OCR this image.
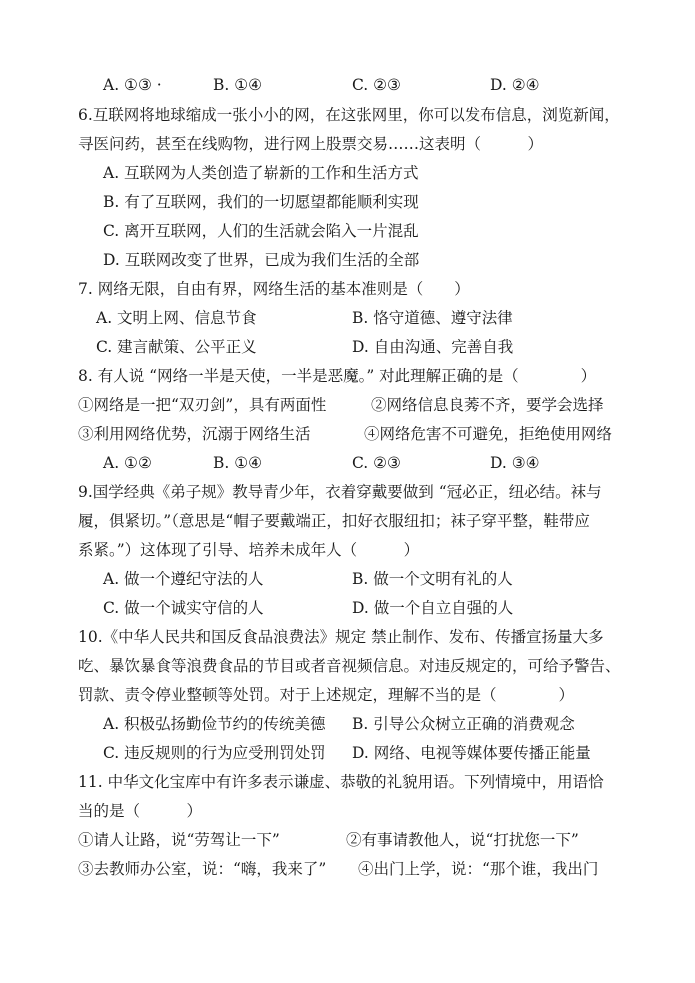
A. ①③ ·	B. ①④	C. ②③	D. ②④
6.互联网将地球缩成一张小小的网，在这张网里，你可以发布信息，浏览新闻，
寻医问药，甚至在线购物，进行网上股票交易……这表明（　　　）
A. 互联网为人类创造了崭新的工作和生活方式
B. 有了互联网，我们的一切愿望都能顺利实现
C. 离开互联网，人们的生活就会陷入一片混乱
D. 互联网改变了世界，已成为我们生活的全部
7. 网络无限，自由有界，网络生活的基本准则是（　　）
A. 文明上网、信息节食	B. 恪守道德、遵守法律
C. 建言献策、公平正义	D. 自由沟通、完善自我
8. 有人说 “网络一半是天使，一半是恶魔。” 对此理解正确的是（　　　　）
①网络是一把“双刃剑”，具有两面性	②网络信息良莠不齐，要学会选择
③利用网络优势，沉溺于网络生活	④网络危害不可避免，拒绝使用网络
A. ①②	B. ①④	C. ②③	D. ③④
9.国学经典《弟子规》教导青少年，衣着穿戴要做到 “冠必正，纽必结。袜与
履，俱紧切。”（意思是“帽子要戴端正，扣好衣服纽扣；袜子穿平整，鞋带应
系紧。”）这体现了引导、培养未成年人（　　　）
A. 做一个遵纪守法的人	B. 做一个文明有礼的人
C. 做一个诚实守信的人	D. 做一个自立自强的人
10.《中华人民共和国反食品浪费法》规定 禁止制作、发布、传播宣扬量大多
吃、暴饮暴食等浪费食品的节目或者音视频信息。对违反规定的，可给予警告、
罚款、责令停业整顿等处罚。对于上述规定，理解不当的是（　　　　）
A. 积极弘扬勤俭节约的传统美德 B. 引导公众树立正确的消费观念
C. 违反规则的行为应受刑罚处罚 D. 网络、电视等媒体要传播正能量
11. 中华文化宝库中有许多表示谦虚、恭敬的礼貌用语。下列情境中，用语恰
当的是（　　　）
①请人让路，说“劳驾让一下”	②有事请教他人，说“打扰您一下”
③去教师办公室，说：“嗨，我来了” ④出门上学，说：“那个谁，我出门
